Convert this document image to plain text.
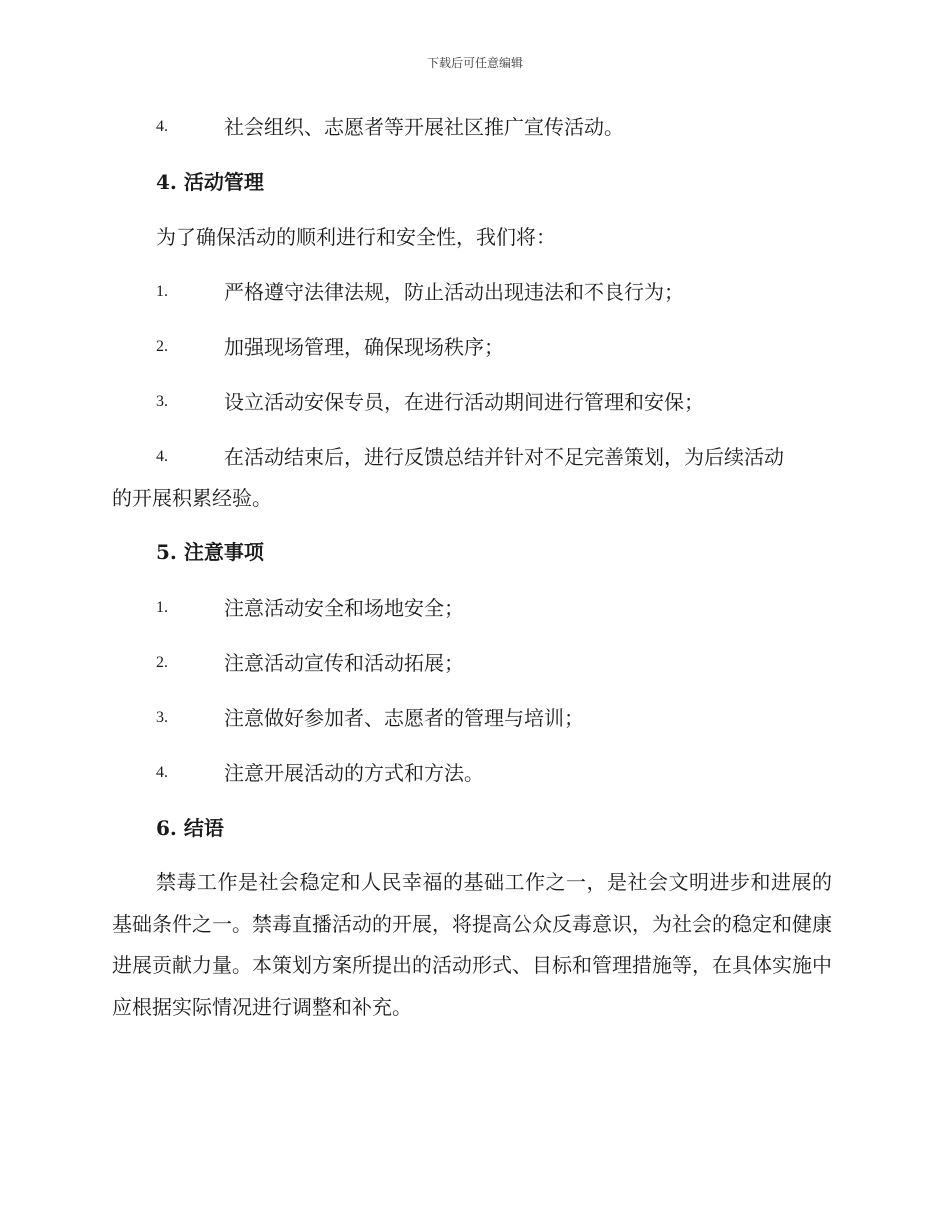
下载后可任意编辑
4.	社会组织、志愿者等开展社区推广宣传活动。
4. 活动管理
为了确保活动的顺利进行和安全性，我们将：
1.	严格遵守法律法规，防止活动出现违法和不良行为；
2.	加强现场管理，确保现场秩序；
3.	设立活动安保专员，在进行活动期间进行管理和安保；
4.	在活动结束后，进行反馈总结并针对不足完善策划，为后续活动
的开展积累经验。
5. 注意事项
1.	注意活动安全和场地安全；
2.	注意活动宣传和活动拓展；
3.	注意做好参加者、志愿者的管理与培训；
4.	注意开展活动的方式和方法。
6. 结语
禁毒工作是社会稳定和人民幸福的基础工作之一，是社会文明进步和进展的基础条件之一。禁毒直播活动的开展，将提高公众反毒意识，为社会的稳定和健康进展贡献力量。本策划方案所提出的活动形式、目标和管理措施等，在具体实施中应根据实际情况进行调整和补充。
